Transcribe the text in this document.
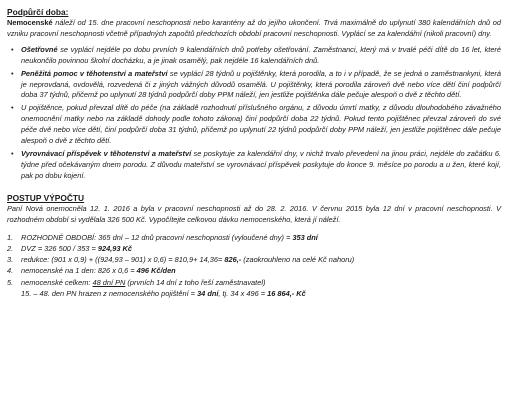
Podpůrčí doba:
Nemocenské náleží od 15. dne pracovní neschopnosti nebo karantény až do jejího ukončení. Trvá maximálně do uplynutí 380 kalendářních dnů od vzniku pracovní neschopnosti včetně případných započtů předchozích období pracovní neschopnosti. Vyplácí se za kalendářní (nikoli pracovní) dny.
• Ošetřovné se vyplácí nejdéle po dobu prvních 9 kalendářních dnů potřeby ošetřování. Zaměstnanci, který má v trvalé péči dítě do 16 let, které neukončilo povinnou školní docházku, a je jinak osamělý, pak nejdéle 16 kalendářních dnů.
• Peněžitá pomoc v těhotenství a mateřství se vyplácí 28 týdnů u pojištěnky, která porodila, a to i v případě, že se jedná o zaměstnankyni, která je neprovdaná, ovdovělá, rozvedená či z jiných vážných důvodů osamělá. U pojištěnky, která porodila zároveň dvě nebo více dětí činí podpůrčí doba 37 týdnů, přičemž po uplynutí 28 týdnů podpůrčí doby PPM náleží, jen jestliže pojištěnka dále pečuje alespoň o dvě z těchto dětí.
• U pojištěnce, pokud převzal dítě do péče (na základě rozhodnutí příslušného orgánu, z důvodu úmrtí matky, z důvodu dlouhodobého závažného onemocnění matky nebo na základě dohody podle tohoto zákona) činí podpůrčí doba 22 týdnů. Pokud tento pojištěnec převzal zároveň do své péče dvě nebo více dětí, činí podpůrčí doba 31 týdnů, přičemž po uplynutí 22 týdnů podpůrčí doby PPM náleží, jen jestliže pojištěnec dále pečuje alespoň o dvě z těchto dětí.
• Vyrovnávací příspěvek v těhotenství a mateřství se poskytuje za kalendářní dny, v nichž trvalo převedení na jinou práci, nejdéle do začátku 6. týdne před očekávaným dnem porodu. Z důvodu mateřství se vyrovnávací příspěvek poskytuje do konce 9. měsíce po porodu a u žen, které kojí, pak po dobu kojení.
POSTUP VÝPOČTU
Paní Nová onemocněla 12. 1. 2016 a byla v pracovní neschopnosti až do 28. 2. 2016. V červnu 2015 byla 12 dní v pracovní neschopnosti. V rozhodném období si vydělala 326 500 Kč. Vypočítejte celkovou dávku nemocenského, která jí náleží.
1. ROZHODNÉ OBDOBÍ: 365 dní – 12 dnů pracovní neschopnosti (vyloučené dny) = 353 dní
2. DVZ = 326 500 / 353 = 924,93 Kč
3. redukce: (901 x 0,9) + ((924,93 – 901) x 0,6) = 810,9+ 14,36= 826,- (zaokrouhleno na celé Kč nahoru)
4. nemocenské na 1 den: 826 x 0,6 = 496 Kč/den
5. nemocenské celkem: 48 dní PN (prvních 14 dní z toho řeší zaměstnavatel)
15. – 48. den PN hrazen z nemocenského pojištění = 34 dní, tj. 34 x 496 = 16 864,- Kč
